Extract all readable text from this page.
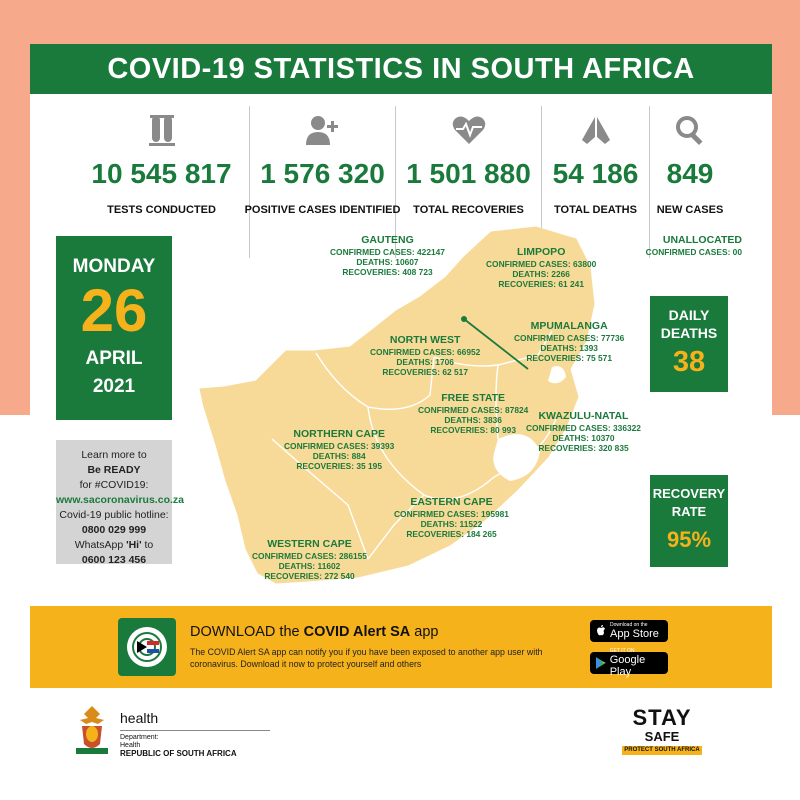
COVID-19 STATISTICS IN SOUTH AFRICA
10 545 817
TESTS CONDUCTED
1 576 320
POSITIVE CASES IDENTIFIED
1 501 880
TOTAL RECOVERIES
54 186
TOTAL DEATHS
849
NEW CASES
MONDAY
26
APRIL
2021
Learn more to
Be READY
for #COVID19:
www.sacoronavirus.co.za
Covid-19 public hotline:
0800 029 999
WhatsApp 'Hi' to
0600 123 456
GAUTENG
CONFIRMED CASES: 422147
DEATHS: 10607
RECOVERIES: 408 723
LIMPOPO
CONFIRMED CASES: 63800
DEATHS: 2266
RECOVERIES: 61 241
MPUMALANGA
CONFIRMED CASES: 77736
DEATHS: 1393
RECOVERIES: 75 571
NORTH WEST
CONFIRMED CASES: 66952
DEATHS: 1706
RECOVERIES: 62 517
FREE STATE
CONFIRMED CASES: 87824
DEATHS: 3836
RECOVERIES: 80 993
KWAZULU-NATAL
CONFIRMED CASES: 336322
DEATHS: 10370
RECOVERIES: 320 835
NORTHERN CAPE
CONFIRMED CASES: 39393
DEATHS: 884
RECOVERIES: 35 195
EASTERN CAPE
CONFIRMED CASES: 195981
DEATHS: 11522
RECOVERIES: 184 265
WESTERN CAPE
CONFIRMED CASES: 286155
DEATHS: 11602
RECOVERIES: 272 540
UNALLOCATED
CONFIRMED CASES: 00
DAILY
DEATHS
38
RECOVERY
RATE
95%
DOWNLOAD the COVID Alert SA app
The COVID Alert SA app can notify you if you have been exposed to another app user with coronavirus. Download it now to protect yourself and others
Download on the
App Store
GET IT ON
Google Play
health
Department:
Health
REPUBLIC OF SOUTH AFRICA
STAY
SAFE
PROTECT SOUTH AFRICA
